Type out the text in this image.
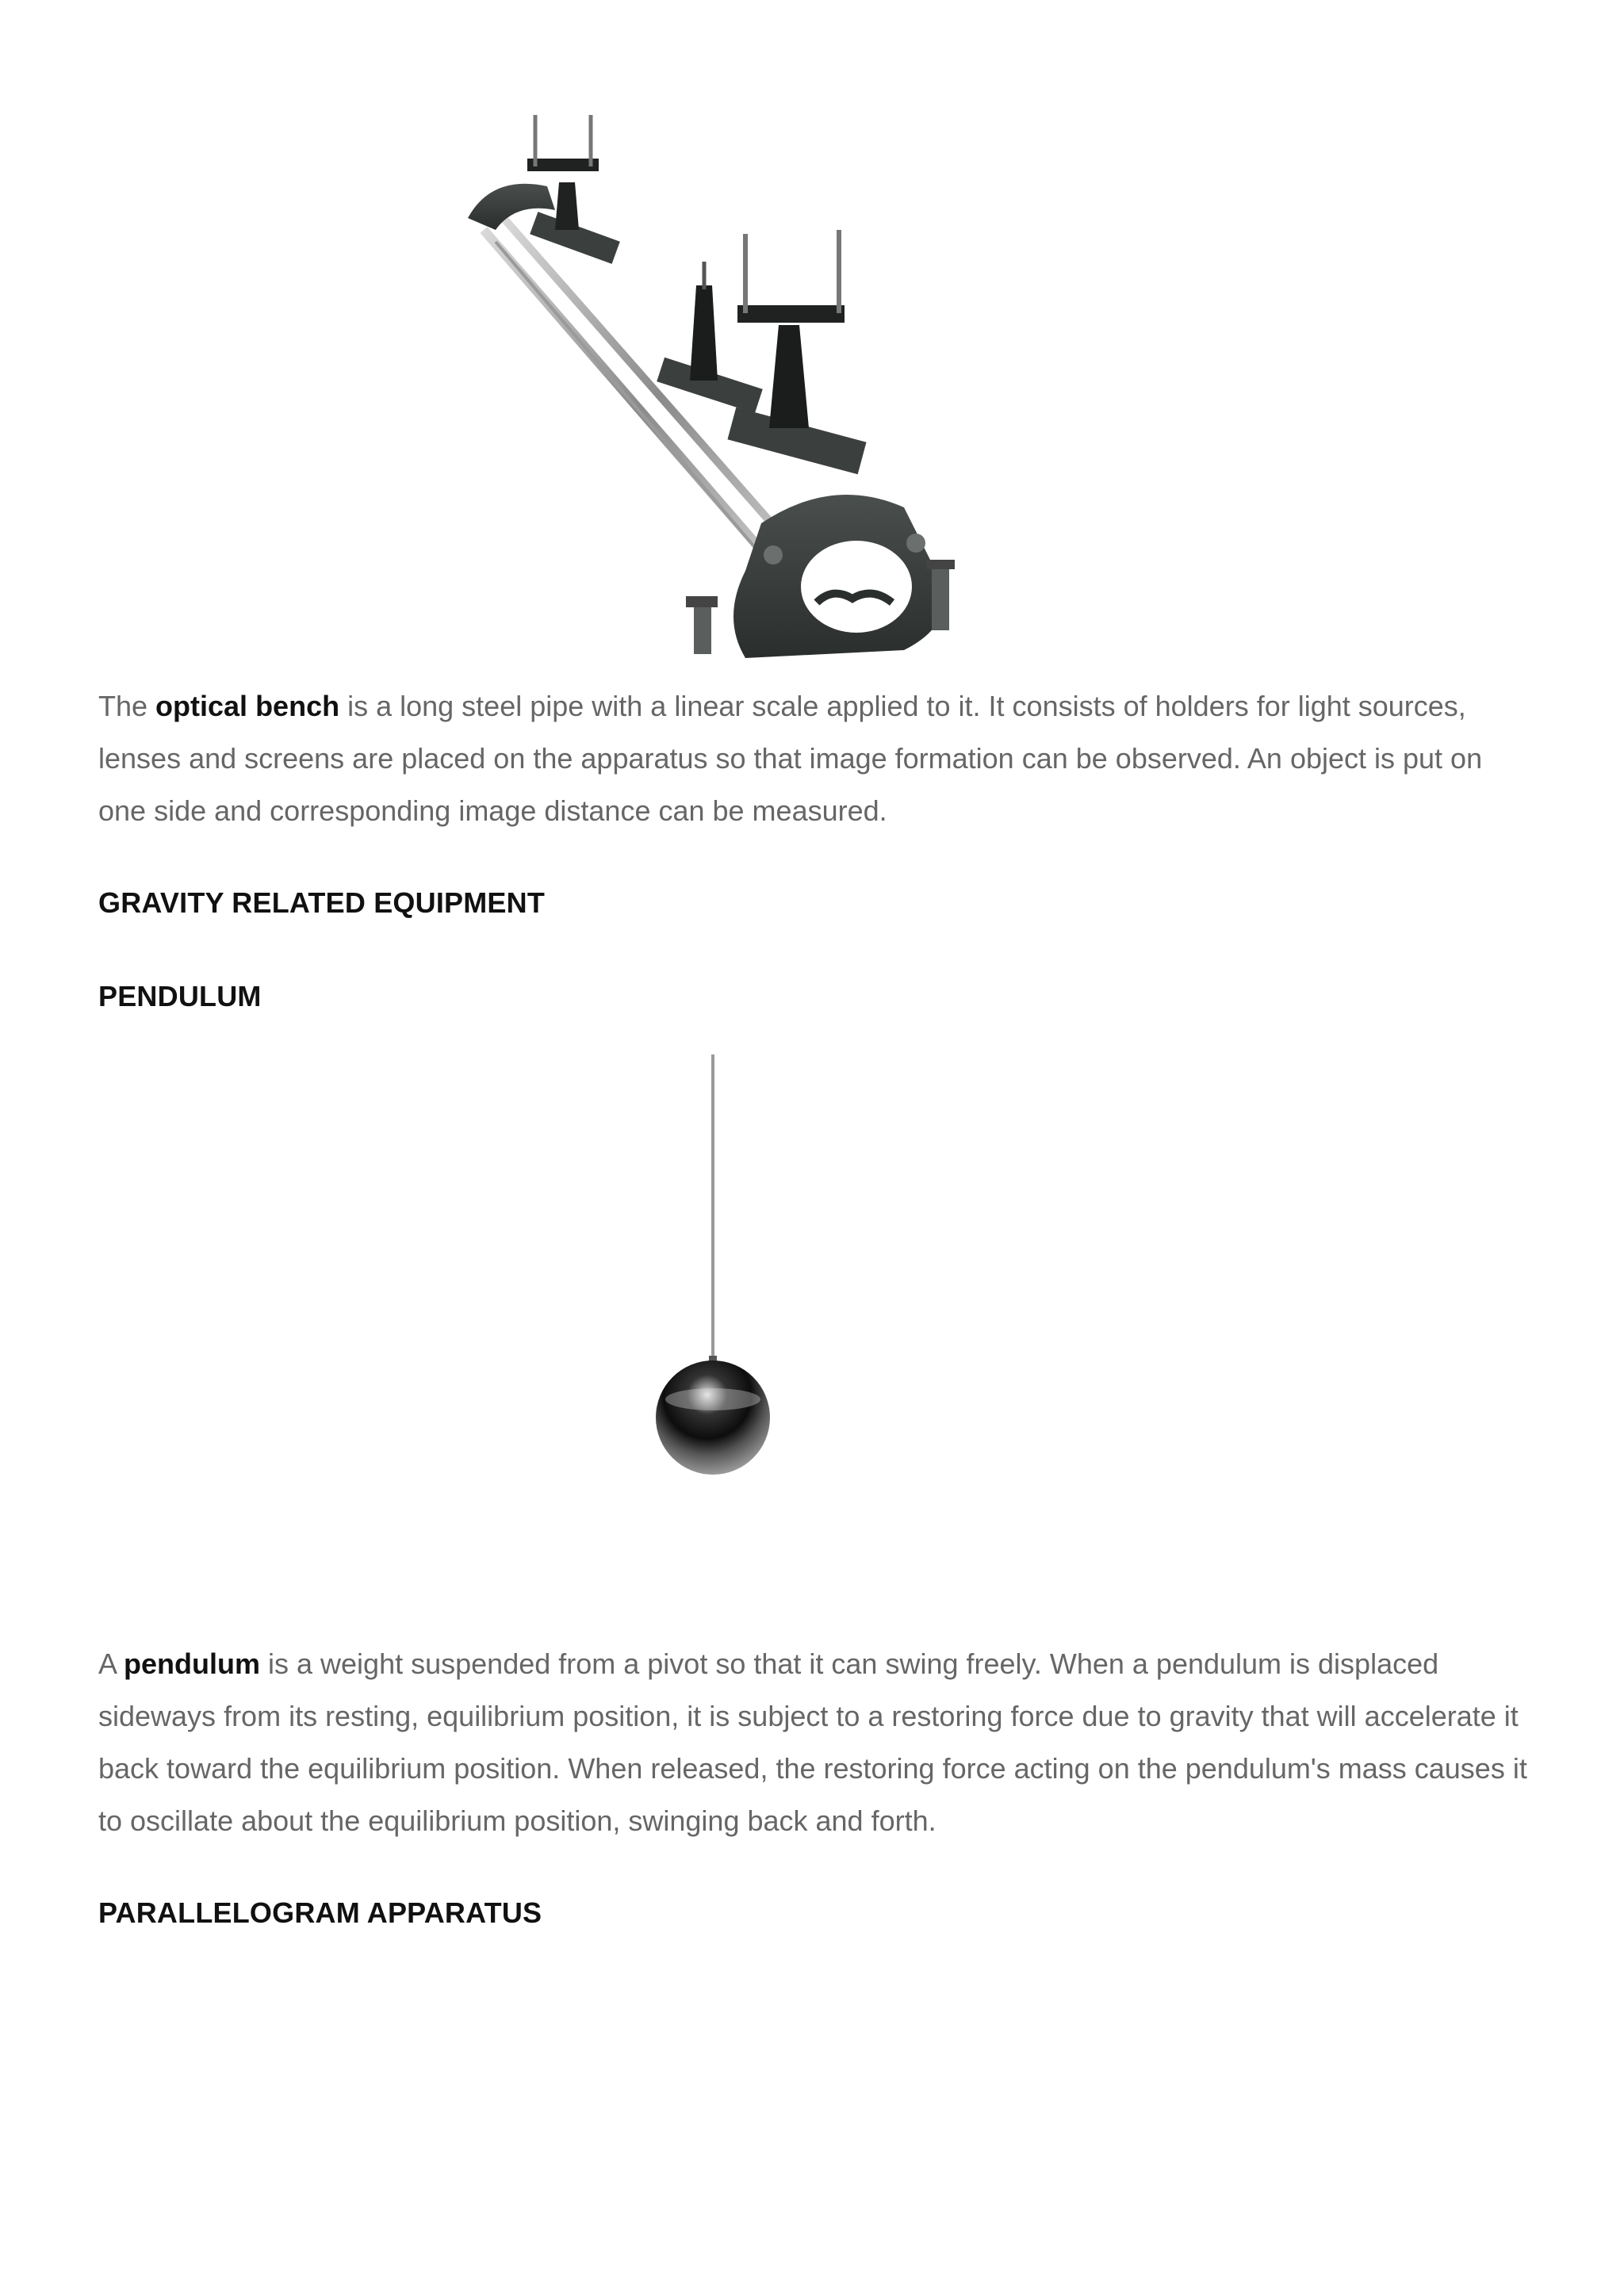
The optical bench is a long steel pipe with a linear scale applied to it. It consists of holders for light sources, lenses and screens are placed on the apparatus so that image formation can be observed. An object is put on one side and corresponding image distance can be measured.

GRAVITY RELATED EQUIPMENT
PENDULUM

A pendulum is a weight suspended from a pivot so that it can swing freely. When a pendulum is displaced sideways from its resting, equilibrium position, it is subject to a restoring force due to gravity that will accelerate it back toward the equilibrium position. When released, the restoring force acting on the pendulum's mass causes it to oscillate about the equilibrium position, swinging back and forth.

PARALLELOGRAM APPARATUS
